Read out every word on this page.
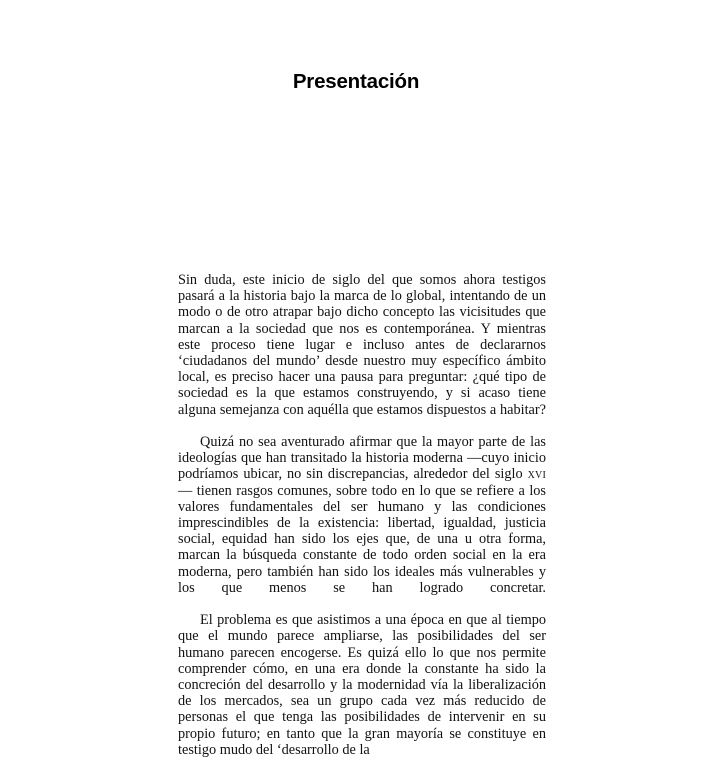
Presentación

Sin duda, este inicio de siglo del que somos ahora testigos pasará a la historia bajo la marca de lo global, intentando de un modo o de otro atrapar bajo dicho concepto las vicisitudes que marcan a la sociedad que nos es contemporánea. Y mientras este proceso tiene lugar e incluso antes de declararnos ‘ciudadanos del mundo’ desde nuestro muy específico ámbito local, es preciso hacer una pausa para preguntar: ¿qué tipo de sociedad es la que estamos construyendo, y si acaso tiene alguna semejanza con aquélla que estamos dispuestos a habitar?

Quizá no sea aventurado afirmar que la mayor parte de las ideologías que han transitado la historia moderna —cuyo inicio podríamos ubicar, no sin discrepancias, alrededor del siglo xvi— tienen rasgos comunes, sobre todo en lo que se refiere a los valores fundamentales del ser humano y las condiciones imprescindibles de la existencia: libertad, igualdad, justicia social, equidad han sido los ejes que, de una u otra forma, marcan la búsqueda constante de todo orden social en la era moderna, pero también han sido los ideales más vulnerables y los que menos se han logrado concretar.

El problema es que asistimos a una época en que al tiempo que el mundo parece ampliarse, las posibilidades del ser humano parecen encogerse. Es quizá ello lo que nos permite comprender cómo, en una era donde la constante ha sido la concreción del desarrollo y la modernidad vía la liberalización de los mercados, sea un grupo cada vez más reducido de personas el que tenga las posibilidades de intervenir en su propio futuro; en tanto que la gran mayoría se constituye en testigo mudo del ‘desarrollo de la
